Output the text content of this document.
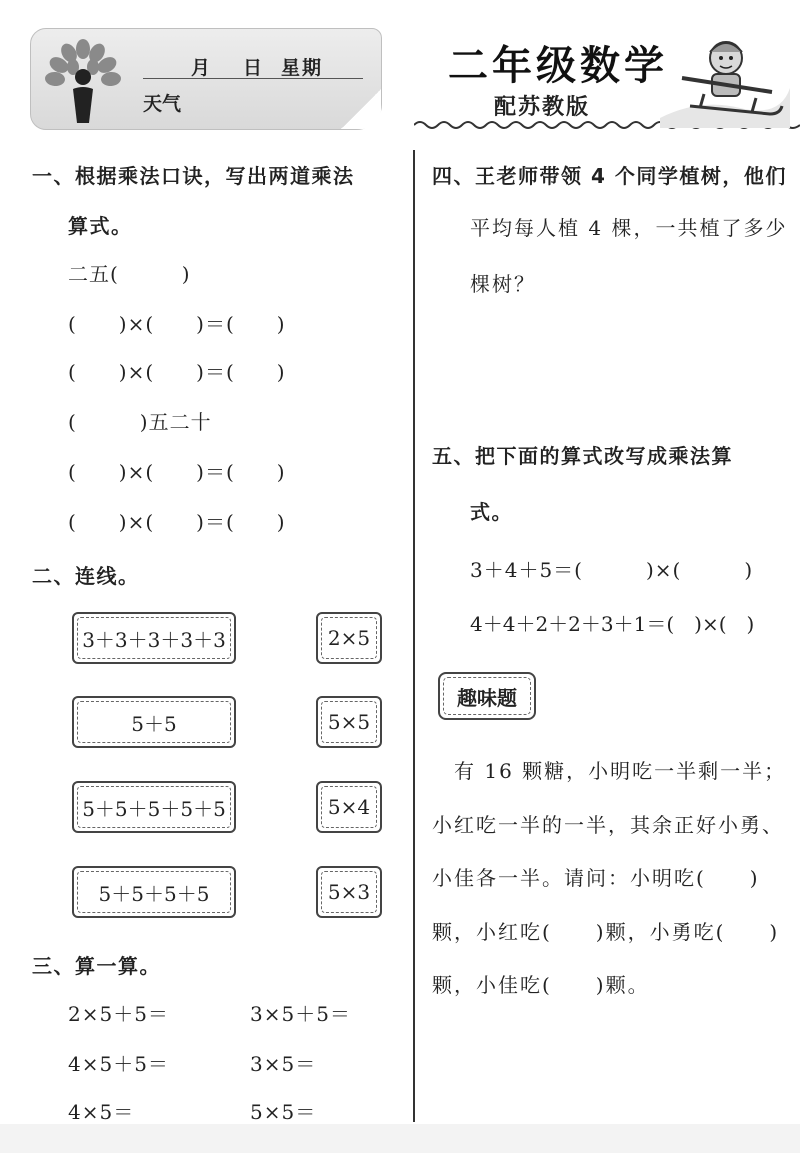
月 日 星期
天气
二年级数学
配苏教版
一、根据乘法口诀，写出两道乘法
算式。
二五(　　　)
(　　)×(　　)＝(　　)
(　　)×(　　)＝(　　)
(　　　)五二十
(　　)×(　　)＝(　　)
(　　)×(　　)＝(　　)
二、连线。
3＋3＋3＋3＋3
5＋5
5＋5＋5＋5＋5
5＋5＋5＋5
2×5
5×5
5×4
5×3
三、算一算。
2×5＋5＝	3×5＋5＝
4×5＋5＝	3×5＝
4×5＝	5×5＝
四、王老师带领 4 个同学植树，他们
平均每人植 4 棵，一共植了多少
棵树？
五、把下面的算式改写成乘法算
式。
3＋4＋5＝(　　　)×(　　　)
4＋4＋2＋2＋3＋1＝(　)×(　)
趣味题
　有 16 颗糖，小明吃一半剩一半；小红吃一半的一半，其余正好小勇、小佳各一半。请问：小明吃(　　)颗，小红吃(　　)颗，小勇吃(　　)颗，小佳吃(　　)颗。
